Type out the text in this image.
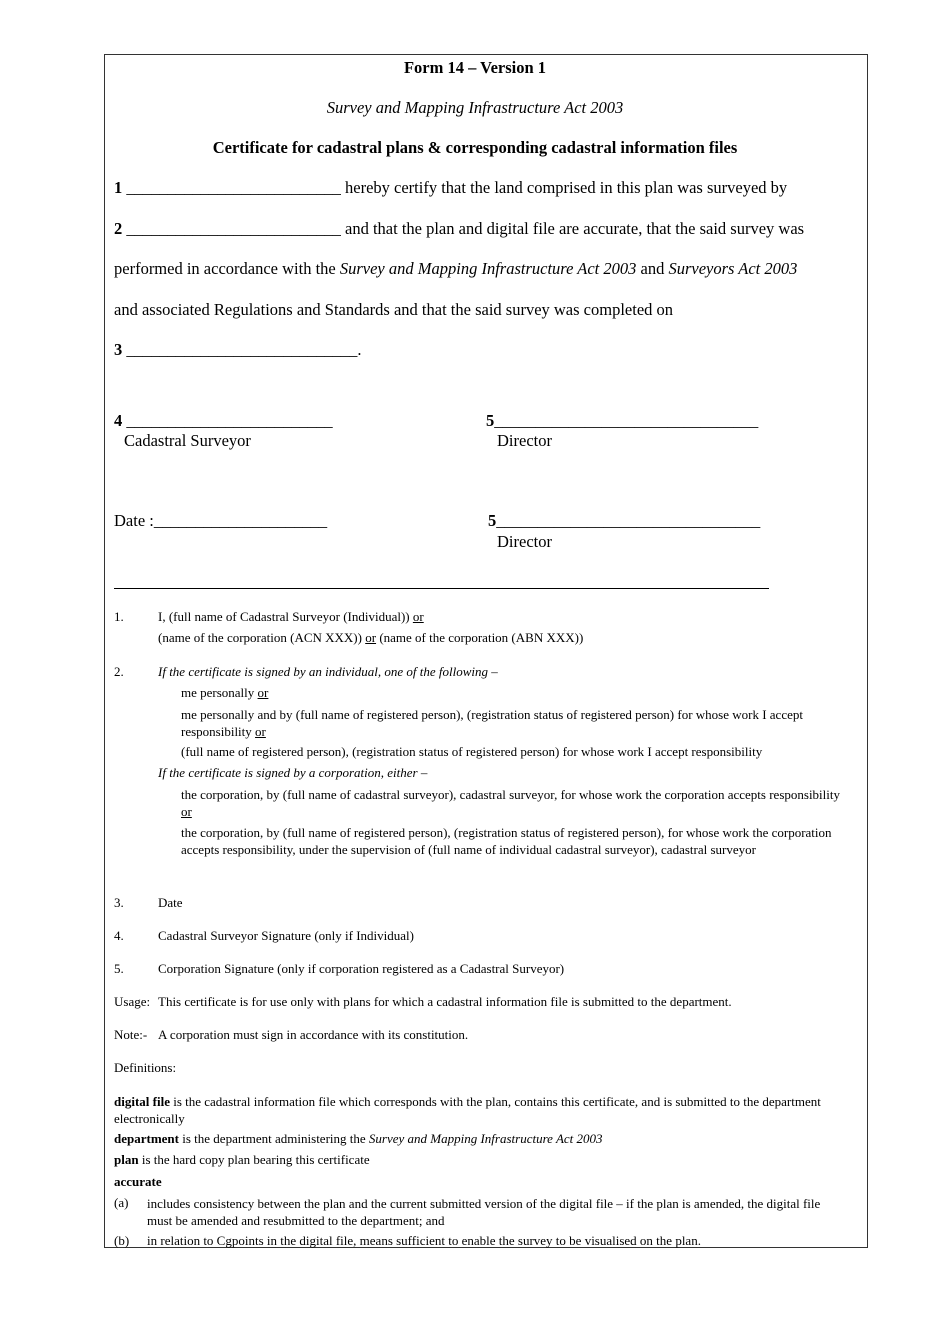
Form 14 – Version 1
Survey and Mapping Infrastructure Act 2003
Certificate for cadastral plans & corresponding cadastral information files
1 __________________________ hereby certify that the land comprised in this plan was surveyed by
2 __________________________ and that the plan and digital file are accurate, that the said survey was
performed in accordance with the Survey and Mapping Infrastructure Act 2003 and Surveyors Act 2003
and associated Regulations and Standards and that the said survey was completed on
3 ____________________________.
4 _________________________
Cadastral Surveyor
5________________________________
Director
Date :_____________________	5________________________________
Director
1.	I, (full name of Cadastral Surveyor (Individual)) or
(name of the corporation (ACN XXX)) or (name of the corporation (ABN XXX))
2.	If the certificate is signed by an individual, one of the following –
me personally or
me personally and by (full name of registered person), (registration status of registered person) for whose work I accept responsibility or
(full name of registered person), (registration status of registered person) for whose work I accept responsibility
If the certificate is signed by a corporation, either –
the corporation, by (full name of cadastral surveyor), cadastral surveyor, for whose work the corporation accepts responsibility or
the corporation, by (full name of registered person), (registration status of registered person), for whose work the corporation accepts responsibility, under the supervision of (full name of individual cadastral surveyor), cadastral surveyor
3.	Date
4.	Cadastral Surveyor Signature (only if Individual)
5.	Corporation Signature (only if corporation registered as a Cadastral Surveyor)
Usage: This certificate is for use only with plans for which a cadastral information file is submitted to the department.
Note:- A corporation must sign in accordance with its constitution.
Definitions:
digital file is the cadastral information file which corresponds with the plan, contains this certificate, and is submitted to the department electronically
department is the department administering the Survey and Mapping Infrastructure Act 2003
plan is the hard copy plan bearing this certificate
accurate
(a) includes consistency between the plan and the current submitted version of the digital file – if the plan is amended, the digital file must be amended and resubmitted to the department; and
(b) in relation to Cgpoints in the digital file, means sufficient to enable the survey to be visualised on the plan.
